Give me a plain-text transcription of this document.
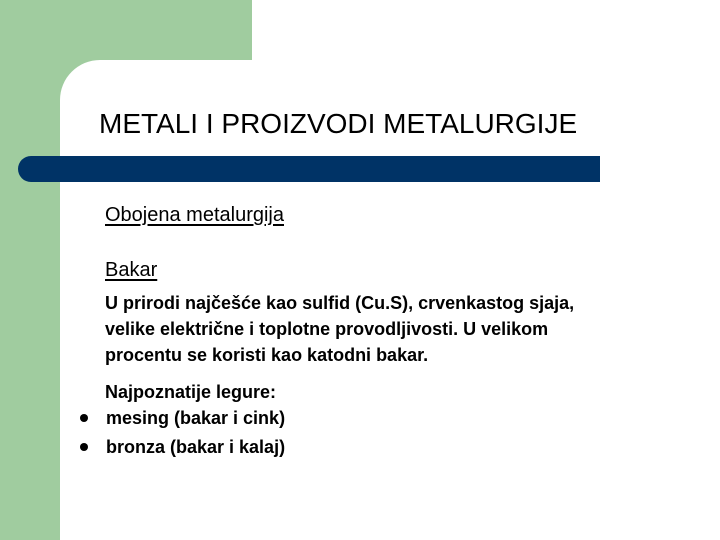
METALI I PROIZVODI METALURGIJE
Obojena metalurgija
Bakar
U prirodi najčešće kao sulfid (Cu.S), crvenkastog sjaja,
velike električne i toplotne provodljivosti. U velikom
procentu se koristi kao katodni bakar.
Najpoznatije legure:
mesing (bakar i cink)
bronza (bakar i kalaj)
